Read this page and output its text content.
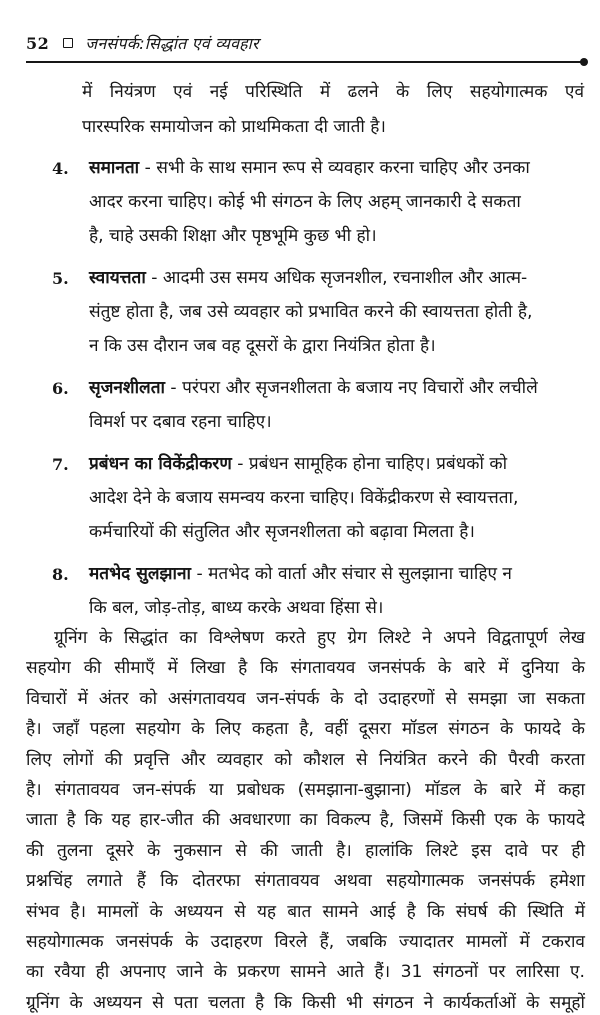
52 जनसंपर्क:सिद्धांत एवं व्यवहार
में नियंत्रण एवं नई परिस्थिति में ढलने के लिए सहयोगात्मक एवं
पारस्परिक समायोजन को प्राथमिकता दी जाती है।
4. समानता - सभी के साथ समान रूप से व्यवहार करना चाहिए और उनका
आदर करना चाहिए। कोई भी संगठन के लिए अहम् जानकारी दे सकता
है, चाहे उसकी शिक्षा और पृष्ठभूमि कुछ भी हो।
5. स्वायत्तता - आदमी उस समय अधिक सृजनशील, रचनाशील और आत्म-
संतुष्ट होता है, जब उसे व्यवहार को प्रभावित करने की स्वायत्तता होती है,
न कि उस दौरान जब वह दूसरों के द्वारा नियंत्रित होता है।
6. सृजनशीलता - परंपरा और सृजनशीलता के बजाय नए विचारों और लचीले
विमर्श पर दबाव रहना चाहिए।
7. प्रबंधन का विकेंद्रीकरण - प्रबंधन सामूहिक होना चाहिए। प्रबंधकों को
आदेश देने के बजाय समन्वय करना चाहिए। विकेंद्रीकरण से स्वायत्तता,
कर्मचारियों की संतुलित और सृजनशीलता को बढ़ावा मिलता है।
8. मतभेद सुलझाना - मतभेद को वार्ता और संचार से सुलझाना चाहिए न
कि बल, जोड़-तोड़, बाध्य करके अथवा हिंसा से।
ग्रूनिंग के सिद्धांत का विश्लेषण करते हुए ग्रेग लिश्टे ने अपने विद्वतापूर्ण लेख
सहयोग की सीमाएँ में लिखा है कि संगतावयव जनसंपर्क के बारे में दुनिया के
विचारों में अंतर को असंगतावयव जन-संपर्क के दो उदाहरणों से समझा जा सकता
है। जहाँ पहला सहयोग के लिए कहता है, वहीं दूसरा मॉडल संगठन के फायदे के
लिए लोगों की प्रवृत्ति और व्यवहार को कौशल से नियंत्रित करने की पैरवी करता
है। संगतावयव जन-संपर्क या प्रबोधक (समझाना-बुझाना) मॉडल के बारे में कहा
जाता है कि यह हार-जीत की अवधारणा का विकल्प है, जिसमें किसी एक के फायदे
की तुलना दूसरे के नुकसान से की जाती है। हालांकि लिश्टे इस दावे पर ही
प्रश्नचिंह लगाते हैं कि दोतरफा संगतावयव अथवा सहयोगात्मक जनसंपर्क हमेशा
संभव है। मामलों के अध्ययन से यह बात सामने आई है कि संघर्ष की स्थिति में
सहयोगात्मक जनसंपर्क के उदाहरण विरले हैं, जबकि ज्यादातर मामलों में टकराव
का रवैया ही अपनाए जाने के प्रकरण सामने आते हैं। 31 संगठनों पर लारिसा ए.
ग्रूनिंग के अध्ययन से पता चलता है कि किसी भी संगठन ने कार्यकर्ताओं के समूहों
